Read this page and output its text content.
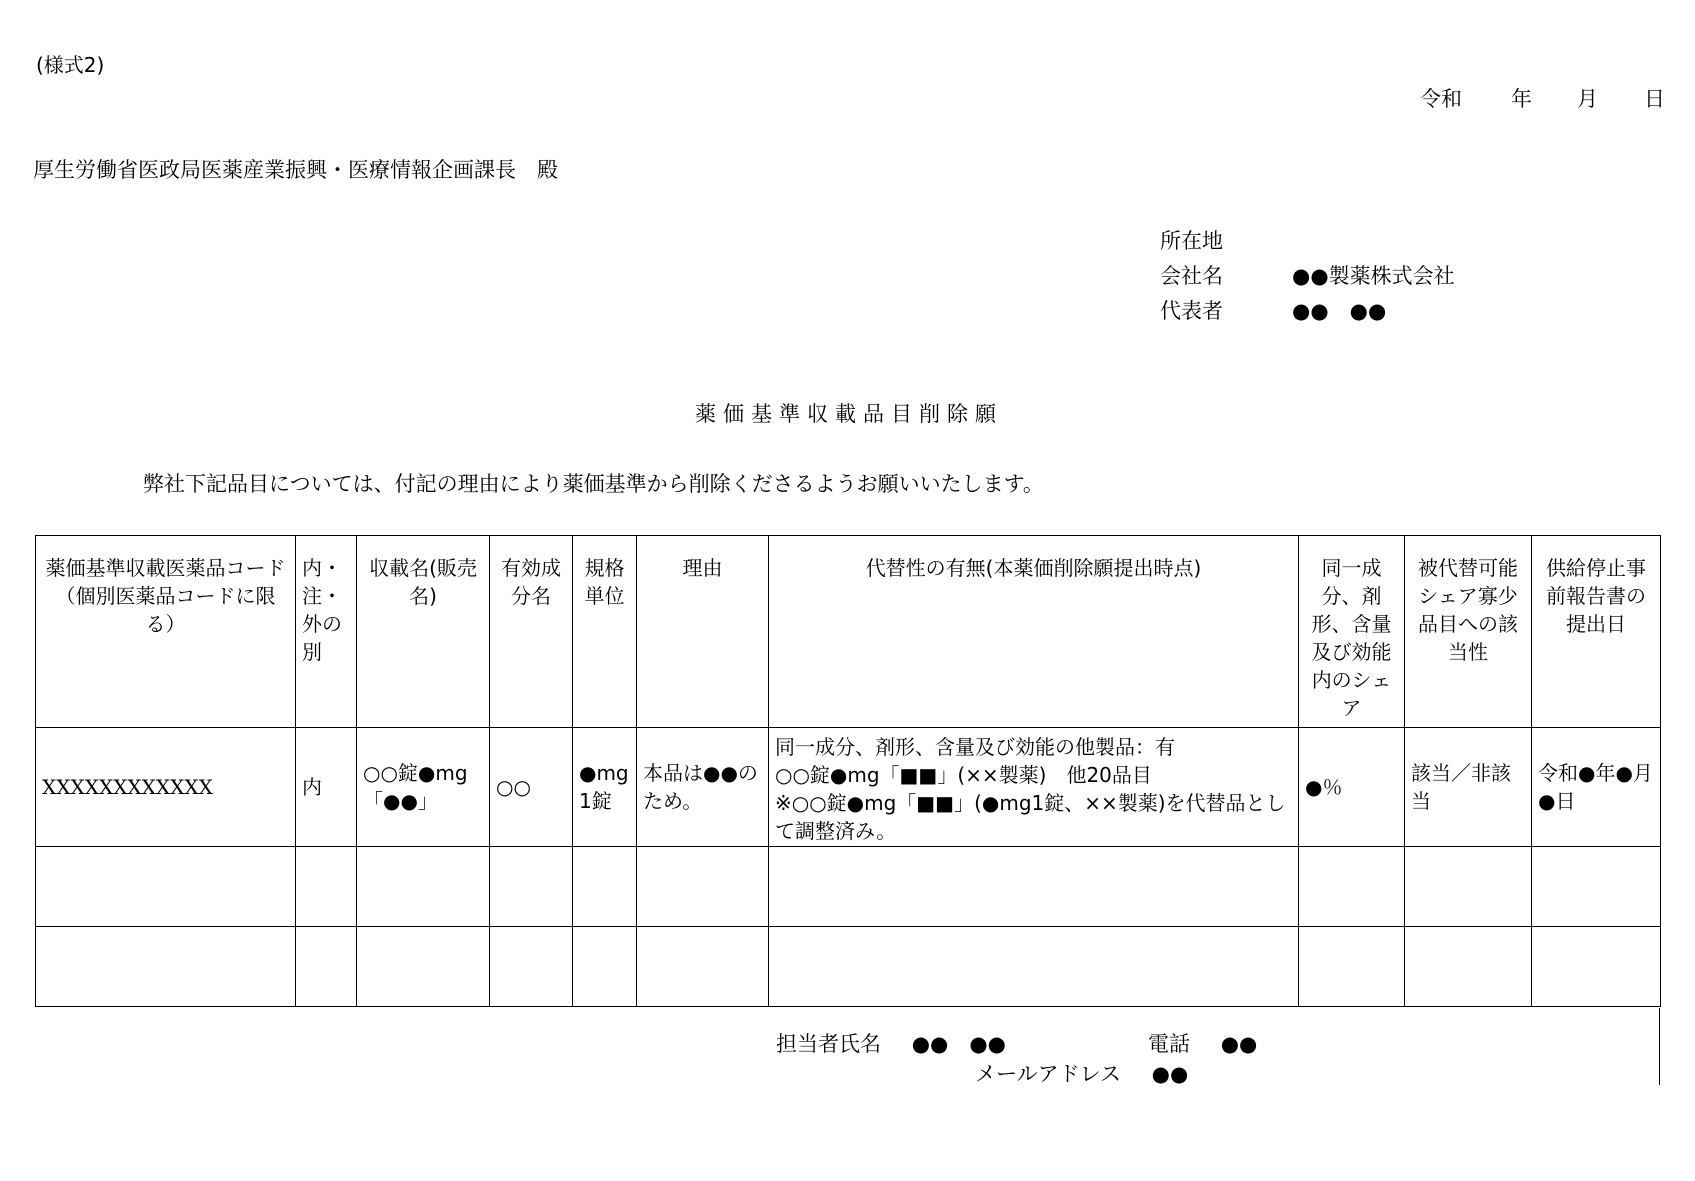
(様式2)
令和 年 月 日
厚生労働省医政局医薬産業振興・医療情報企画課長　殿
所在地
会社名	●●製薬株式会社
代表者	●●　●●
薬価基準収載品目削除願
弊社下記品目については、付記の理由により薬価基準から削除くださるようお願いいたします。
薬価基準収載医薬品コード
（個別医薬品コードに限る）	内・注・外の別	収載名(販売名)	有効成分名	規格単位	理由	代替性の有無(本薬価削除願提出時点)	同一成分、剤形、含量及び効能内のシェア	被代替可能シェア寡少品目への該当性	供給停止事前報告書の提出日
XXXXXXXXXXXX	内	○○錠●mg「●●」	○○	●mg1錠	本品は●●のため。	同一成分、剤形、含量及び効能の他製品：有
○○錠●mg「■■」(××製薬)　他20品目
※○○錠●mg「■■」(●mg1錠、××製薬)を代替品として調整済み。	●％	該当／非該当	令和●年●月●日

担当者氏名 ●●　●●	電話 ●●
メールアドレス ●●
